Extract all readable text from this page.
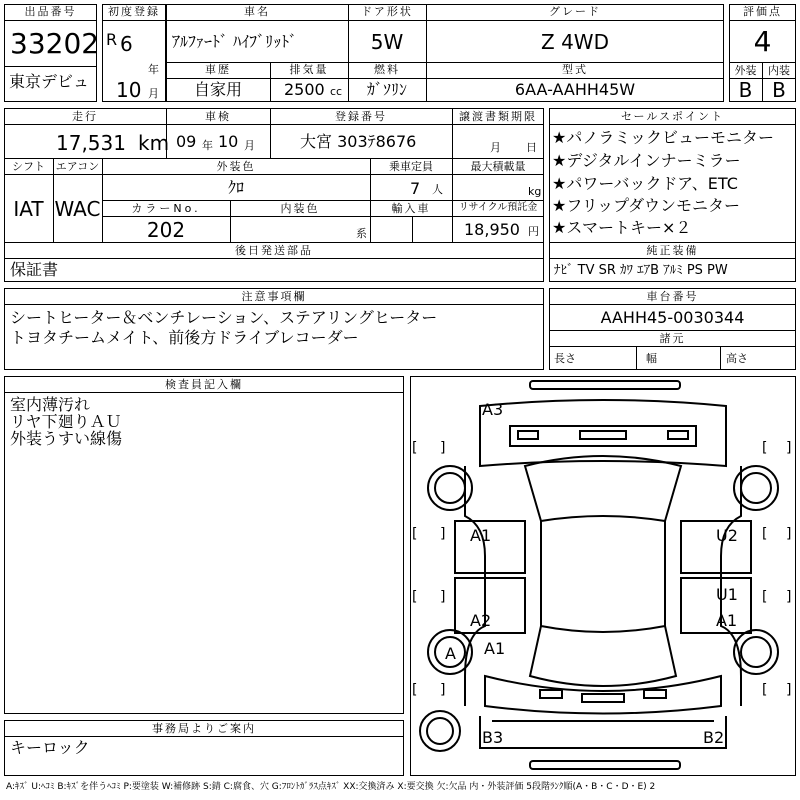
出品番号
33202
東京デビュ
初度登録
R 6
年
10 月
車名
ｱﾙﾌｧｰﾄﾞ ﾊｲﾌﾞﾘｯﾄﾞ
ドア形状
5W
グレード
Z 4WD
車歴
自家用
排気量
2500 cc
燃料
ｶﾞｿﾘﾝ
型式
6AA-AAHH45W
評価点
4
外装	内装
B B
走行
17,531 km
車検
09 年 10 月
登録番号
大宮 303ﾃ8676
譲渡書類期限
月 日
シフト エアコン
IAT WAC
外装色
ｸﾛ
乗車定員
7 人
最大積載量
kg
カラーNo.
202
内装色
系
輸入車	リサイクル預託金
18,950 円
後日発送部品
保証書
セールスポイント
★パノラミックビューモニター
★デジタルインナーミラー
★パワーバックドア、ETC
★フリップダウンモニター
★スマートキー×２
純正装備
ﾅﾋﾞ TV SR ｶﾜ ｴｱB ｱﾙﾐ PS PW
注意事項欄
シートヒーター＆ベンチレーション、ステアリングヒーター
トヨタチームメイト、前後方ドライブレコーダー
車台番号
AAHH45-0030344
諸元
長さ	幅	高さ
検査員記入欄
室内薄汚れ
リヤ下廻りＡＵ
外装うすい線傷
事務局よりご案内
キーロック
[ ]	[ ]
[ ]	[ ]
[ ]	[ ]
[ ]	[ ]
A3
A1
A2
A1
A
U2
U1
A1
B3	B2
A:ｷｽﾞ U:ﾍｺﾐ B:ｷｽﾞを伴うﾍｺﾐ P:要塗装 W:補修跡 S:錆 C:腐食、穴 G:ﾌﾛﾝﾄｶﾞﾗｽ点ｷｽﾞ XX:交換済み X:要交換 欠:欠品 内・外装評価 5段階ﾗﾝｸ順(A・B・C・D・E) 2
